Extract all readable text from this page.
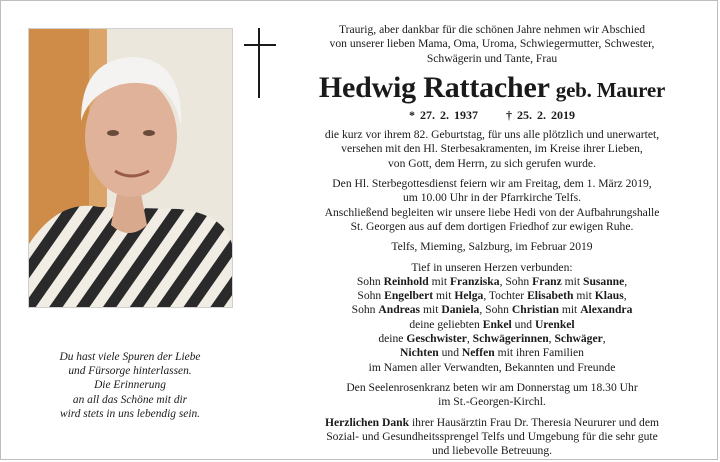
Du hast viele Spuren der Liebe
und Fürsorge hinterlassen.
Die Erinnerung
an all das Schöne mit dir
wird stets in uns lebendig sein.
Traurig, aber dankbar für die schönen Jahre nehmen wir Abschied
von unserer lieben Mama, Oma, Uroma, Schwiegermutter, Schwester,
Schwägerin und Tante, Frau
Hedwig Rattacher geb. Maurer
* 27. 2. 1937 † 25. 2. 2019
die kurz vor ihrem 82. Geburtstag, für uns alle plötzlich und unerwartet,
versehen mit den Hl. Sterbesakramenten, im Kreise ihrer Lieben,
von Gott, dem Herrn, zu sich gerufen wurde.
Den Hl. Sterbegottesdienst feiern wir am Freitag, dem 1. März 2019,
um 10.00 Uhr in der Pfarrkirche Telfs.
Anschließend begleiten wir unsere liebe Hedi von der Aufbahrungshalle
St. Georgen aus auf dem dortigen Friedhof zur ewigen Ruhe.
Telfs, Mieming, Salzburg, im Februar 2019
Tief in unseren Herzen verbunden:
Sohn Reinhold mit Franziska, Sohn Franz mit Susanne,
Sohn Engelbert mit Helga, Tochter Elisabeth mit Klaus,
Sohn Andreas mit Daniela, Sohn Christian mit Alexandra
deine geliebten Enkel und Urenkel
deine Geschwister, Schwägerinnen, Schwäger,
Nichten und Neffen mit ihren Familien
im Namen aller Verwandten, Bekannten und Freunde
Den Seelenrosenkranz beten wir am Donnerstag um 18.30 Uhr
im St.-Georgen-Kirchl.
Herzlichen Dank ihrer Hausärztin Frau Dr. Theresia Neururer und dem
Sozial- und Gesundheitssprengel Telfs und Umgebung für die sehr gute
und liebevolle Betreuung.
